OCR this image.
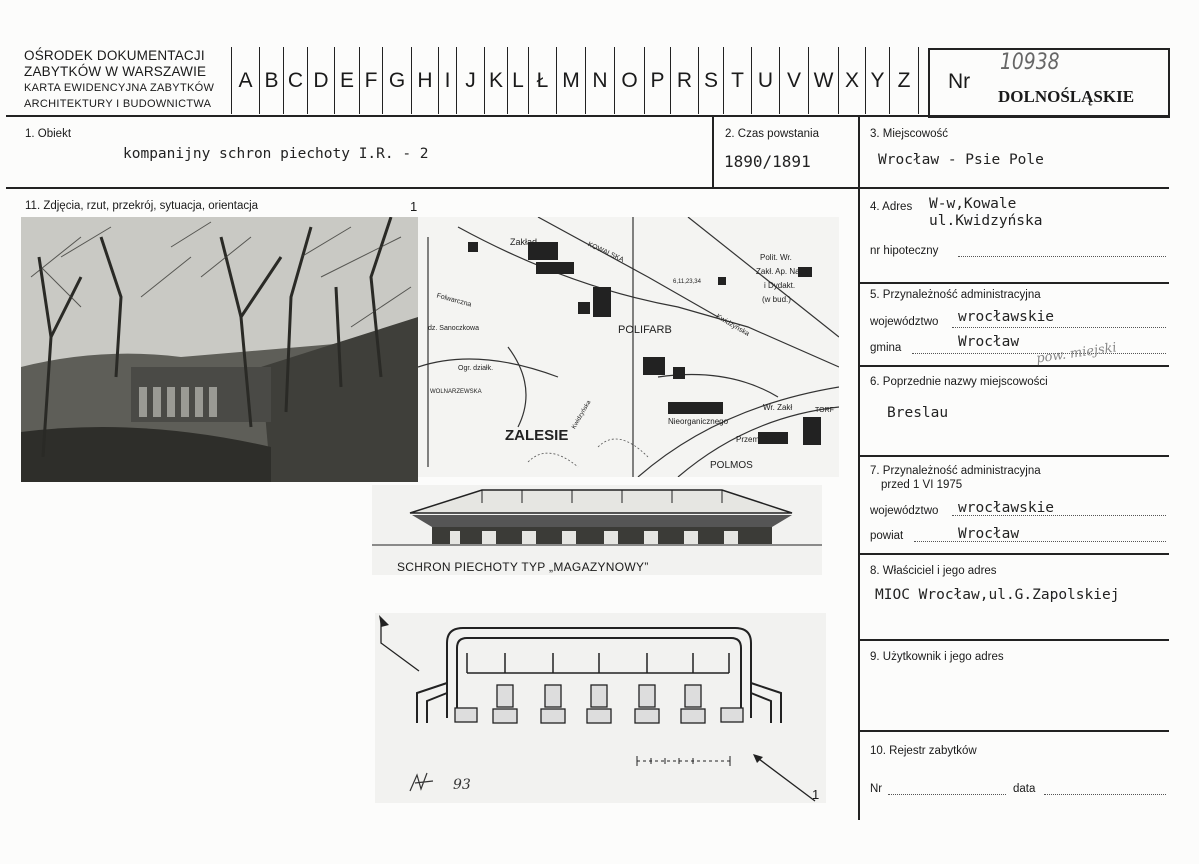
OŚRODEK DOKUMENTACJI
ZABYTKÓW W WARSZAWIE
KARTA EWIDENCYJNA ZABYTKÓW
ARCHITEKTURY I BUDOWNICTWA
A B C D E F G H I J K L Ł M N O P R S T U V W X Y Z	Nr
10938
DOLNOŚLĄSKIE
1. Obiekt
kompanijny schron piechoty I.R. - 2
2. Czas powstania
1890/1891
3. Miejscowość
Wrocław - Psie Pole
4. Adres W-w,Kowale
ul.Kwidzyńska
nr hipoteczny
5. Przynależność administracyjna
województwo wrocławskie
gmina	Wrocław pow. miejski
6. Poprzednie nazwy miejscowości
Breslau
7. Przynależność administracyjna
przed 1 VI 1975
województwo wrocławskie
powiat	Wrocław
8. Właściciel i jego adres
MIOC Wrocław,ul.G.Zapolskiej
9. Użytkownik i jego adres
10. Rejestr zabytków
Nr	data
11. Zdjęcia, rzut, przekrój, sytuacja, orientacja	1
Zakład	KOWALSKA	Polit. Wr.
Zakł. Ap. Nauk.
i Dydakt.
(w bud.)
6,11,23,34
Folwarczna
POLIFARB	Kwidzyńska
dz. Sanoczkowa
Ogr. działk.
WOLNARZEWSKA
Wr. Zakł	TORF
Nieorganicznego
Przem. Spoż.
Kwidzyńska
ZALESIE
POLMOS
SCHRON PIECHOTY TYP „MAGAZYNOWY”
93
1
